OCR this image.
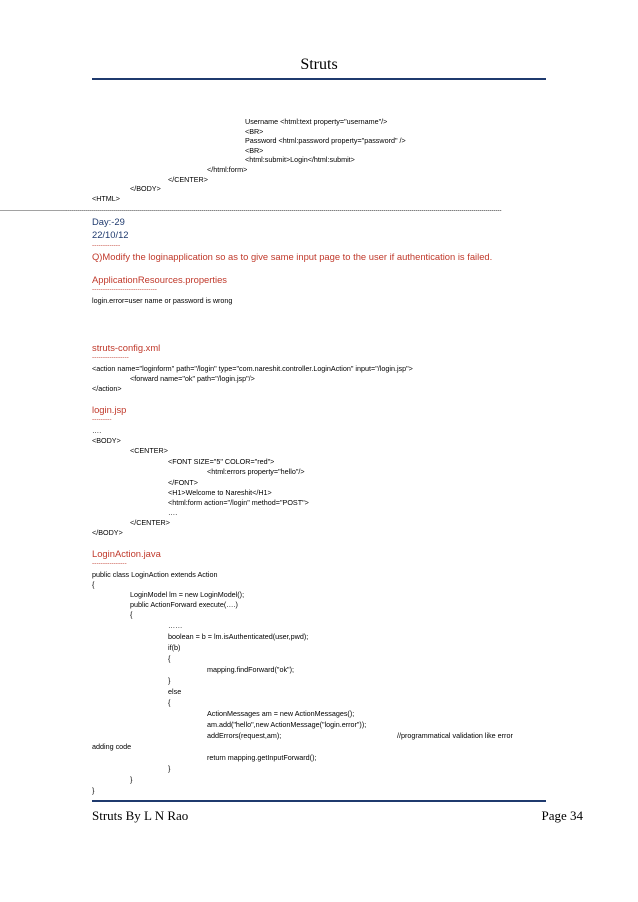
Struts
Username <html:text property="username"/>
<BR>
Password <html:password property="password" />
<BR>
<html:submit>Login</html:submit>
</html:form>
</CENTER>
</BODY>
<HTML>
-----------------------------------------------------------------------------------------------------------------------------------------------------------------------------------------------------------------------------------------------------------
Day:-29
22/10/12
-------------
Q)Modify the loginapplication so as to give same input page to the user if authentication is failed.
ApplicationResources.properties
------------------------------
login.error=user name or password is wrong
struts-config.xml
-----------------
<action name="loginform" path="/login" type="com.nareshit.controller.LoginAction" input="/login.jsp">
<forward name="ok" path="/login.jsp"/>
</action>
login.jsp
---------
….
<BODY>
<CENTER>
<FONT SIZE="5" COLOR="red">
<html:errors property="hello"/>
</FONT>
<H1>Welcome to Nareshit</H1>
<html:form action="/login" method="POST">
….
</CENTER>
</BODY>
LoginAction.java
----------------
public class LoginAction extends Action
{
LoginModel lm = new LoginModel();
public ActionForward execute(….)
{
……
boolean = b = lm.isAuthenticated(user,pwd);
if(b)
{
mapping.findForward("ok");
}
else
{
ActionMessages am = new ActionMessages();
am.add("hello",new ActionMessage("login.error"));
addErrors(request,am);	//programmatical validation like error
adding code
return mapping.getInputForward();
}
}
}
Struts By L N Rao	Page 34
